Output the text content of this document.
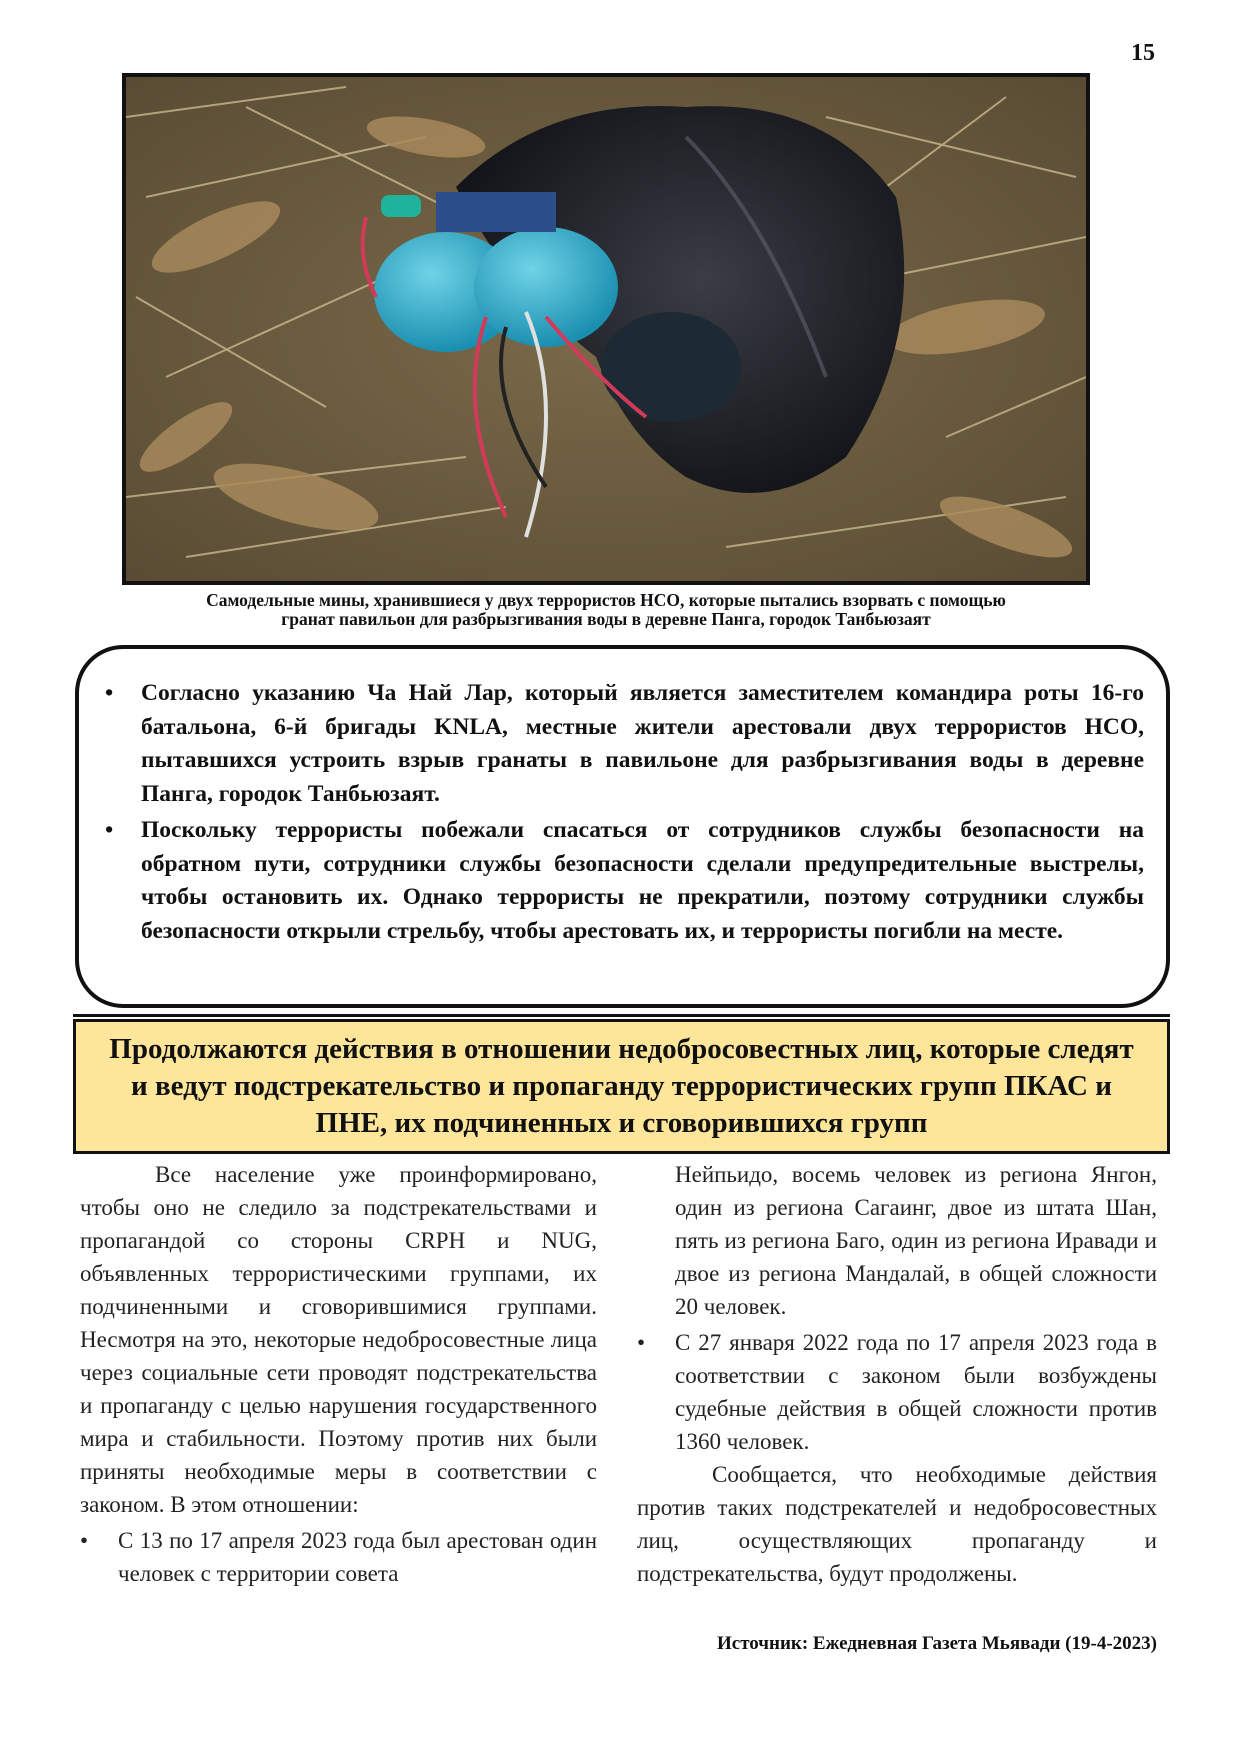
15
Самодельные мины, хранившиеся у двух террористов НСО, которые пытались взорвать с помощью
гранат павильон для разбрызгивания воды в деревне Панга, городок Танбьюзаят
• Согласно указанию Ча Най Лар, который является заместителем командира роты 16-го батальона, 6-й бригады KNLA, местные жители арестовали двух террористов НСО, пытавшихся устроить взрыв гранаты в павильоне для разбрызгивания воды в деревне Панга, городок Танбьюзаят.
• Поскольку террористы побежали спасаться от сотрудников службы безопасности на обратном пути, сотрудники службы безопасности сделали предупредительные выстрелы, чтобы остановить их. Однако террористы не прекратили, поэтому сотрудники службы безопасности открыли стрельбу, чтобы арестовать их, и террористы погибли на месте.
Продолжаются действия в отношении недобросовестных лиц, которые следят и ведут подстрекательство и пропаганду террористических групп ПКАС и ПНЕ, их подчиненных и сговорившихся групп

Все население уже проинформировано, чтобы оно не следило за подстрекательствами и пропагандой со стороны CRPH и NUG, объявленных террористическими группами, их подчиненными и сговорившимися группами. Несмотря на это, некоторые недобросовестные лица через социальные сети проводят подстрекательства и пропаганду с целью нарушения государственного мира и стабильности. Поэтому против них были приняты необходимые меры в соответствии с законом. В этом отношении:

• С 13 по 17 апреля 2023 года был арестован один человек с территории совета

Нейпьидо, восемь человек из региона Янгон, один из региона Сагаинг, двое из штата Шан, пять из региона Баго, один из региона Иравади и двое из региона Мандалай, в общей сложности 20 человек.

• С 27 января 2022 года по 17 апреля 2023 года в соответствии с законом были возбуждены судебные действия в общей сложности против 1360 человек.

Сообщается, что необходимые действия против таких подстрекателей и недобросовестных лиц, осуществляющих пропаганду и подстрекательства, будут продолжены.

Источник: Ежедневная Газета Мьявади (19-4-2023)
